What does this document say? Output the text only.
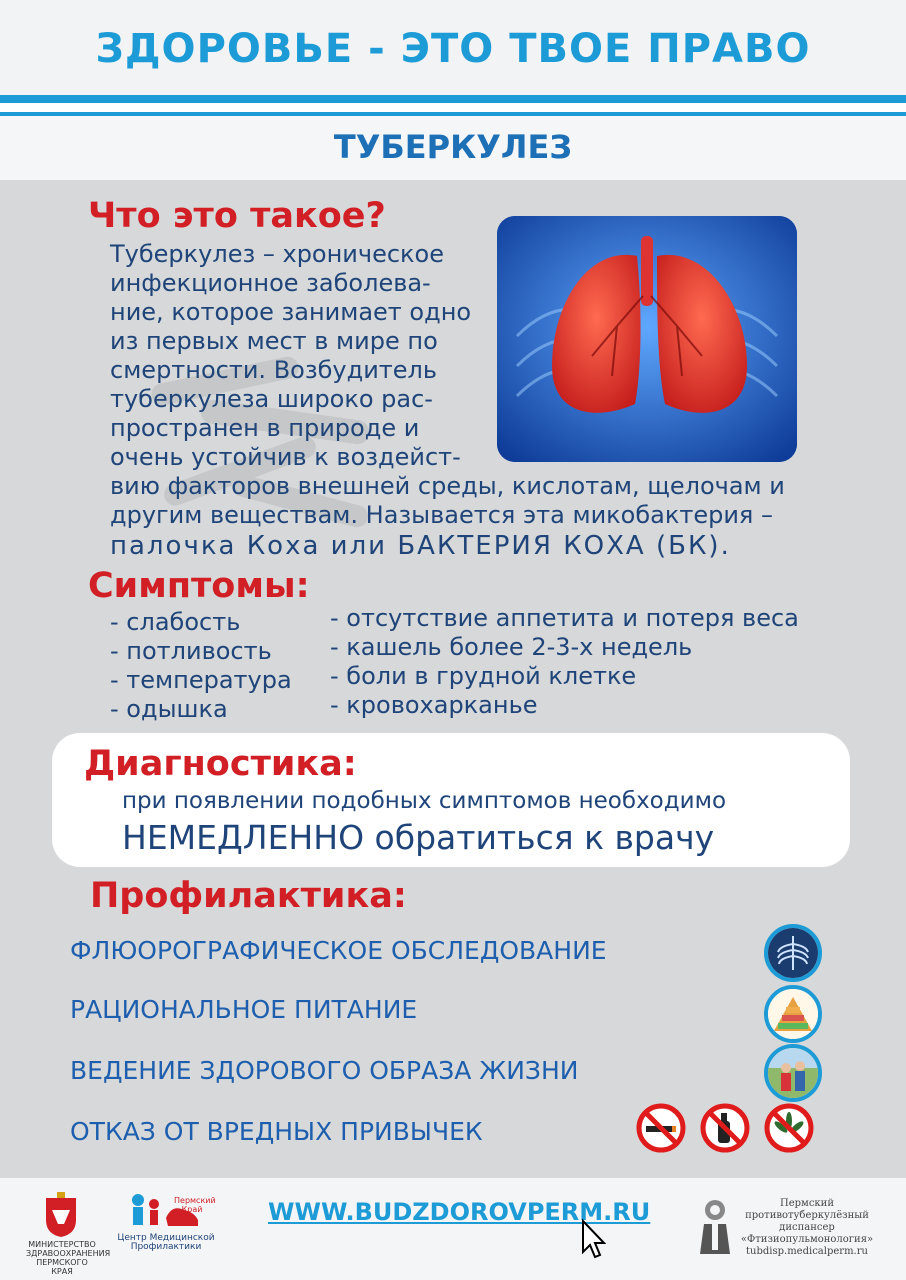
ЗДОРОВЬЕ - ЭТО ТВОЕ ПРАВО
ТУБЕРКУЛЕЗ
Что это такое?
Туберкулез – хроническое
инфекционное заболева-
ние, которое занимает одно
из первых мест в мире по
смертности. Возбудитель
туберкулеза широко рас-
пространен в природе и
очень устойчив к воздейст-
вию факторов внешней среды, кислотам, щелочам и
другим веществам. Называется эта микобактерия –
палочка Коха или БАКТЕРИЯ КОХА (БК).
Симптомы:
- слабость
- потливость
- температура
- одышка
- отсутствие аппетита и потеря веса
- кашель более 2-3-х недель
- боли в грудной клетке
- кровохарканье
Диагностика:
при появлении подобных симптомов необходимо
НЕМЕДЛЕННО обратиться к врачу
Профилактика:
ФЛЮОРОГРАФИЧЕСКОЕ ОБСЛЕДОВАНИЕ
РАЦИОНАЛЬНОЕ ПИТАНИЕ
ВЕДЕНИЕ ЗДОРОВОГО ОБРАЗА ЖИЗНИ
ОТКАЗ ОТ ВРЕДНЫХ ПРИВЫЧЕК
МИНИСТЕРСТВО ЗДРАВООХРАНЕНИЯ ПЕРМСКОГО КРАЯ
Пермский Край
Центр Медицинской Профилактики
WWW.BUDZDOROVPERM.RU	Пермский
противотуберкулёзный
диспансер
«Фтизиопульмонология»
tubdisp.medicalperm.ru
